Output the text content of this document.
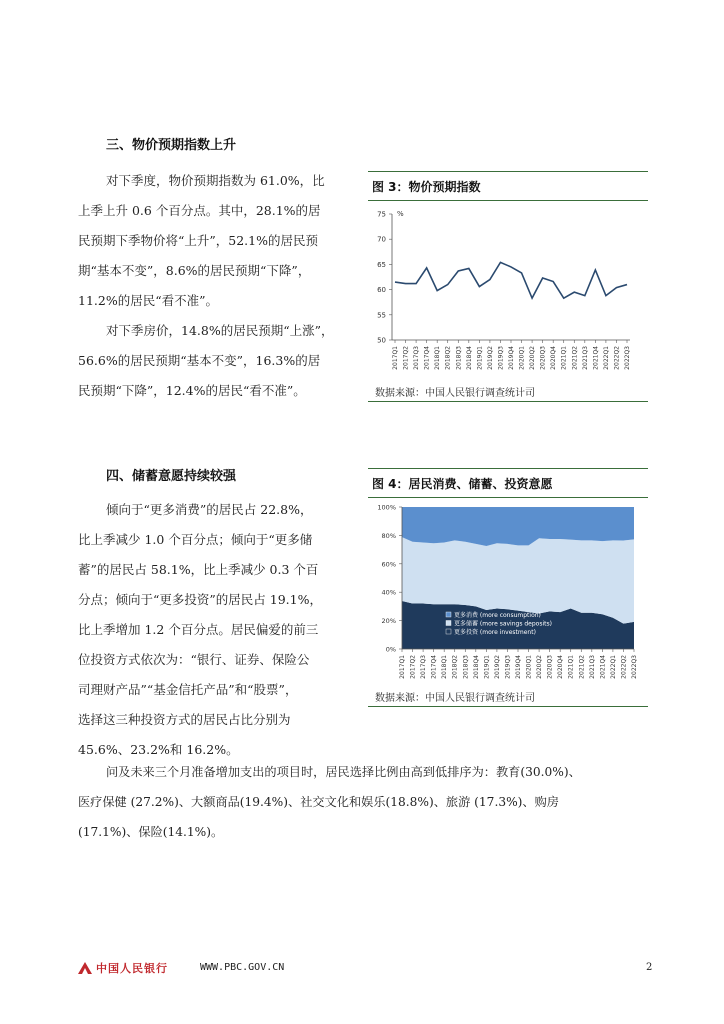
三、物价预期指数上升

对下季度，物价预期指数为 61.0%，比

上季上升 0.6 个百分点。其中，28.1%的居

民预期下季物价将“上升”，52.1%的居民预

期“基本不变”，8.6%的居民预期“下降”，

11.2%的居民“看不准”。

对下季房价，14.8%的居民预期“上涨”，

56.6%的居民预期“基本不变”，16.3%的居

民预期“下降”，12.4%的居民“看不准”。

图 3：物价预期指数
%
75
70
65
60
55
50
2017Q1 2017Q2 2017Q3 2017Q4 2018Q1 2018Q2 2018Q3 2018Q4 2019Q1 2019Q2 2019Q3 2019Q4 2020Q1 2020Q2 2020Q3 2020Q4 2021Q1 2021Q2 2021Q3 2021Q4 2022Q1 2022Q2 2022Q3
数据来源：中国人民银行调查统计司
四、储蓄意愿持续较强

倾向于“更多消费”的居民占 22.8%，

比上季减少 1.0 个百分点；倾向于“更多储

蓄”的居民占 58.1%，比上季减少 0.3 个百

分点；倾向于“更多投资”的居民占 19.1%，

比上季增加 1.2 个百分点。居民偏爱的前三

位投资方式依次为：“银行、证券、保险公

司理财产品”“基金信托产品”和“股票”，

选择这三种投资方式的居民占比分别为

45.6%、23.2%和 16.2%。

图 4：居民消费、储蓄、投资意愿
100%
80%
60%
40%
20%
0%
2017Q1 2017Q2 2017Q3 2017Q4 2018Q1 2018Q2 2018Q3 2018Q4 2019Q1 2019Q2 2019Q3 2019Q4 2020Q1 2020Q2 2020Q3 2020Q4 2021Q1 2021Q2 2021Q3 2021Q4 2022Q1 2022Q2 2022Q3
更多消费 (more consumption)
更多储蓄 (more savings deposits)
更多投资 (more investment)
数据来源：中国人民银行调查统计司

问及未来三个月准备增加支出的项目时，居民选择比例由高到低排序为：教育(30.0%)、

医疗保健 (27.2%)、大额商品(19.4%)、社交文化和娱乐(18.8%)、旅游 (17.3%)、购房

(17.1%)、保险(14.1%)。

中国人民银行	WWW.PBC.GOV.CN	2
